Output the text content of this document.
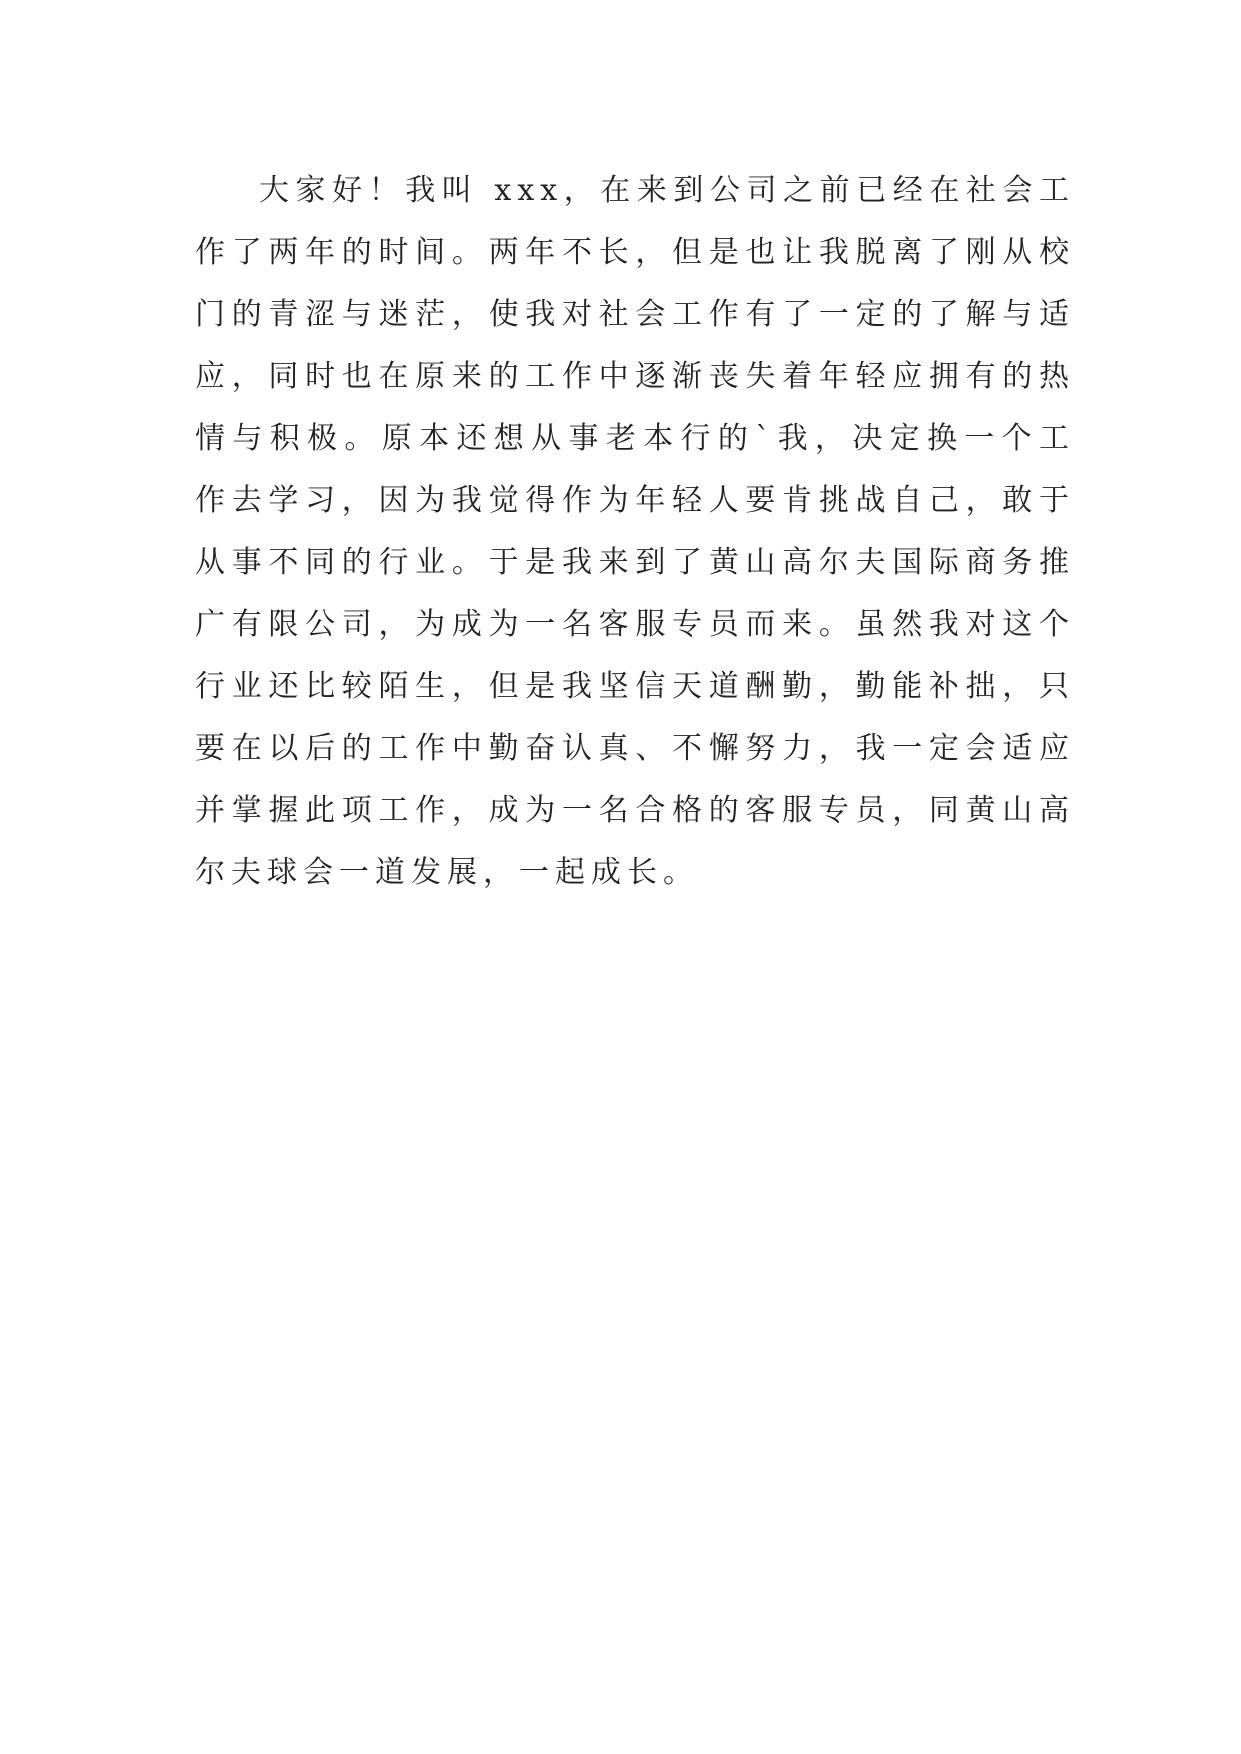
大家好！我叫 xxx，在来到公司之前已经在社会工作了两年的时间。两年不长，但是也让我脱离了刚从校门的青涩与迷茫，使我对社会工作有了一定的了解与适应，同时也在原来的工作中逐渐丧失着年轻应拥有的热情与积极。原本还想从事老本行的`我，决定换一个工作去学习，因为我觉得作为年轻人要肯挑战自己，敢于从事不同的行业。于是我来到了黄山高尔夫国际商务推广有限公司，为成为一名客服专员而来。虽然我对这个行业还比较陌生，但是我坚信天道酬勤，勤能补拙，只要在以后的工作中勤奋认真、不懈努力，我一定会适应并掌握此项工作，成为一名合格的客服专员，同黄山高尔夫球会一道发展，一起成长。
